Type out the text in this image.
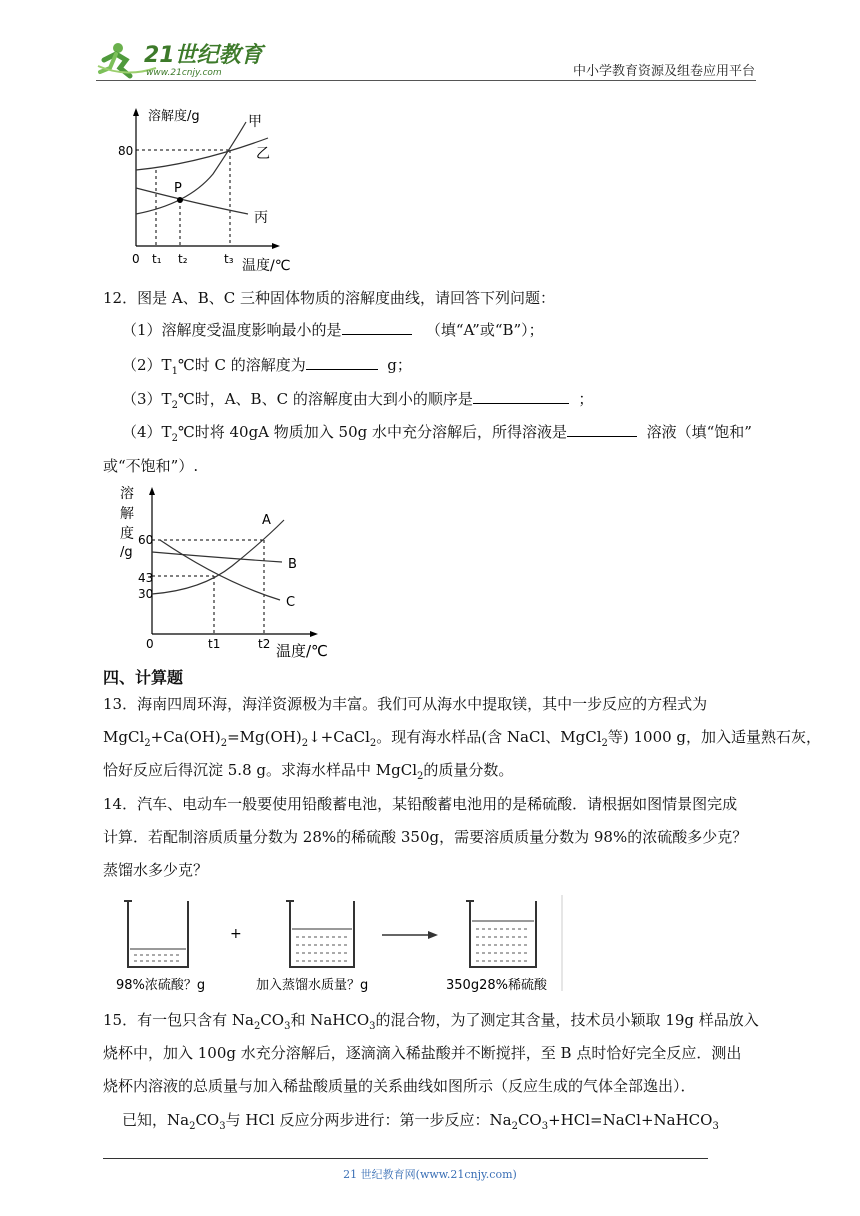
21世纪教育
www.21cnjy.com	中小学教育资源及组卷应用平台
溶解度/g
80
0 t₁ t₂	t₃ 温度/℃
P
甲
乙
丙
12．图是 A、B、C 三种固体物质的溶解度曲线，请回答下列问题：
（1）溶解度受温度影响最小的是	（填“A”或“B”）；
$(2)T_1℃$时 C 的溶解度为	g；
$(3)T_2℃$时，A、B、C 的溶解度由大到小的顺序是	；
$(4)T_2℃$时将 40gA 物质加入 50g 水中充分溶解后，所得溶液是	溶液（填“饱和”
或“不饱和”）.
溶
解
度
/g
60
43
30
0	t1	t2 温度/℃
A
B
C
四、计算题
13．海南四周环海，海洋资源极为丰富。我们可从海水中提取镁，其中一步反应的方程式为
$MgCl_2+Ca(OH)_2=Mg(OH)_2↓+CaCl_2$。现有海水样品(含 NaCl、MgCl$_2$等) 1000 g，加入适量熟石灰，
恰好反应后得沉淀 5.8 g。求海水样品中 MgCl$_2$的质量分数。
14．汽车、电动车一般要使用铅酸蓄电池，某铅酸蓄电池用的是稀硫酸．请根据如图情景图完成
计算．若配制溶质质量分数为 28%的稀硫酸 350g，需要溶质质量分数为 98%的浓硫酸多少克？
蒸馏水多少克？
+
98%浓硫酸？g	加入蒸馏水质量？g	350g28%稀硫酸
15．有一包只含有 $Na_2CO_3$和 NaHCO$_3$的混合物，为了测定其含量，技术员小颖取 19g 样品放入
烧杯中，加入 100g 水充分溶解后，逐滴滴入稀盐酸并不断搅拌，至 B 点时恰好完全反应．测出
烧杯内溶液的总质量与加入稀盐酸质量的关系曲线如图所示（反应生成的气体全部逸出）．
已知，$Na_2CO_3$与 HCl 反应分两步进行：第一步反应：$Na_2CO_3+HCl=NaCl+NaHCO_3$
21 世纪教育网(www.21cnjy.com)
